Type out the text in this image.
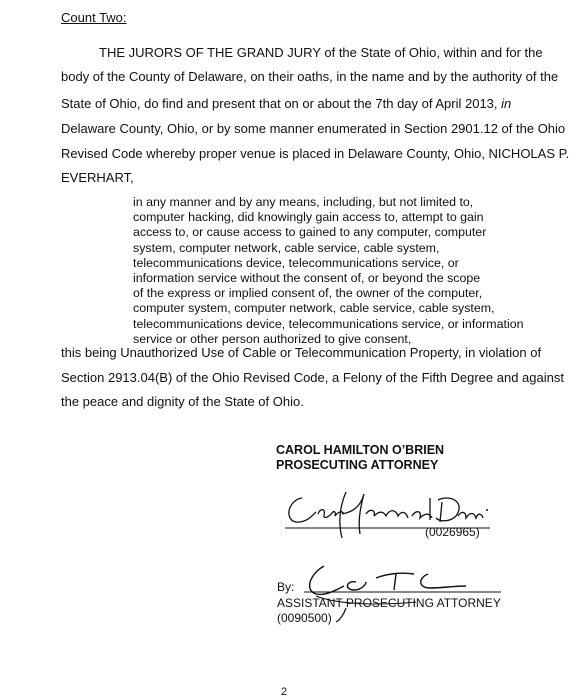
Count Two:
THE JURORS OF THE GRAND JURY of the State of Ohio, within and for the
body of the County of Delaware, on their oaths, in the name and by the authority of the
State of Ohio, do find and present that on or about the 7th day of April 2013, in
Delaware County, Ohio, or by some manner enumerated in Section 2901.12 of the Ohio
Revised Code whereby proper venue is placed in Delaware County, Ohio, NICHOLAS P.
EVERHART,
in any manner and by any means, including, but not limited to,
computer hacking, did knowingly gain access to, attempt to gain
access to, or cause access to gained to any computer, computer
system, computer network, cable service, cable system,
telecommunications device, telecommunications service, or
information service without the consent of, or beyond the scope
of the express or implied consent of, the owner of the computer,
computer system, computer network, cable service, cable system,
telecommunications device, telecommunications service, or information
service or other person authorized to give consent,
this being Unauthorized Use of Cable or Telecommunication Property, in violation of
Section 2913.04(B) of the Ohio Revised Code, a Felony of the Fifth Degree and against
the peace and dignity of the State of Ohio.
CAROL HAMILTON O’BRIEN
PROSECUTING ATTORNEY
(0026965)
By:
ASSISTANT PROSECUTING ATTORNEY
(0090500)
2
